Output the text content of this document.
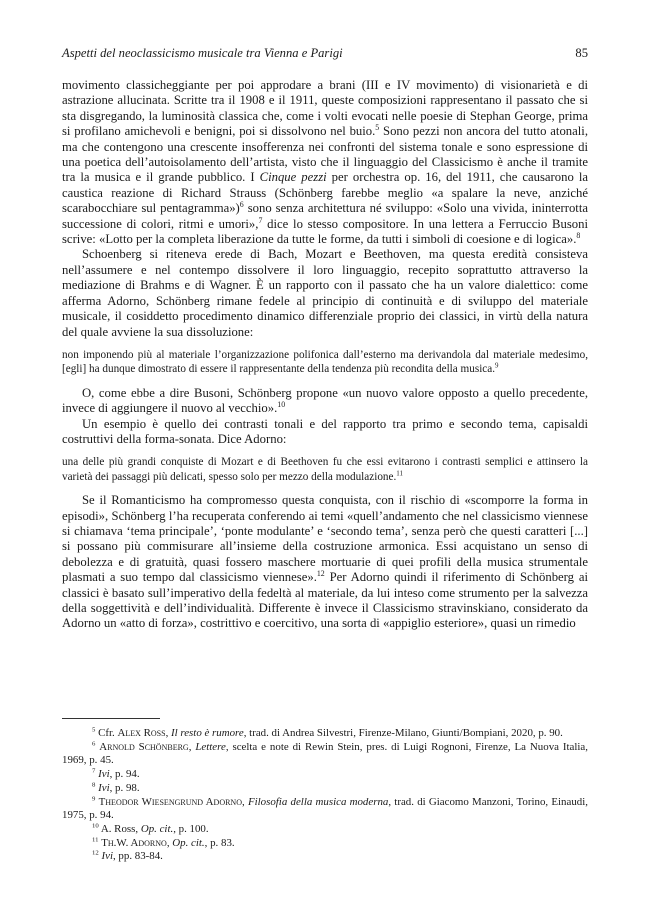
Aspetti del neoclassicismo musicale tra Vienna e Parigi	85

movimento classicheggiante per poi approdare a brani (III e IV movimento) di visionarietà e di astrazione allucinata. Scritte tra il 1908 e il 1911, queste composizioni rappresentano il passato che si sta disgregando, la luminosità classica che, come i volti evocati nelle poesie di Stephan George, prima si profilano amichevoli e benigni, poi si dissolvono nel buio.$^5$ Sono pezzi non ancora del tutto atonali, ma che contengono una crescente insofferenza nei confronti del sistema tonale e sono espressione di una poetica dell’autoisolamento dell’artista, visto che il linguaggio del Classicismo è anche il tramite tra la musica e il grande pubblico. I Cinque pezzi per orchestra op. 16, del 1911, che causarono la caustica reazione di Richard Strauss (Schönberg farebbe meglio «a spalare la neve, anziché scarabocchiare sul pentagramma»)$^6$ sono senza architettura né sviluppo: «Solo una vivida, ininterrotta successione di colori, ritmi e umori»,$^7$ dice lo stesso compositore. In una lettera a Ferruccio Busoni scrive: «Lotto per la completa liberazione da tutte le forme, da tutti i simboli di coesione e di logica».$^8$

Schoenberg si riteneva erede di Bach, Mozart e Beethoven, ma questa eredità consisteva nell’assumere e nel contempo dissolvere il loro linguaggio, recepito soprattutto attraverso la mediazione di Brahms e di Wagner. È un rapporto con il passato che ha un valore dialettico: come afferma Adorno, Schönberg rimane fedele al principio di continuità e di sviluppo del materiale musicale, il cosiddetto procedimento dinamico differenziale proprio dei classici, in virtù della natura del quale avviene la sua dissoluzione:

non imponendo più al materiale l’organizzazione polifonica dall’esterno ma derivandola dal materiale medesimo, [egli] ha dunque dimostrato di essere il rappresentante della tendenza più recondita della musica.$^9$

O, come ebbe a dire Busoni, Schönberg propone «un nuovo valore opposto a quello precedente, invece di aggiungere il nuovo al vecchio».$^{10}$

Un esempio è quello dei contrasti tonali e del rapporto tra primo e secondo tema, capisaldi costruttivi della forma-sonata. Dice Adorno:

una delle più grandi conquiste di Mozart e di Beethoven fu che essi evitarono i contrasti semplici e attinsero la varietà dei passaggi più delicati, spesso solo per mezzo della modulazione.$^{11}$

Se il Romanticismo ha compromesso questa conquista, con il rischio di «scomporre la forma in episodi», Schönberg l’ha recuperata conferendo ai temi «quell’andamento che nel classicismo viennese si chiamava ‘tema principale’, ‘ponte modulante’ e ‘secondo tema’, senza però che questi caratteri [...] si possano più commisurare all’insieme della costruzione armonica. Essi acquistano un senso di debolezza e di gratuità, quasi fossero maschere mortuarie di quei profili della musica strumentale plasmati a suo tempo dal classicismo viennese».$^{12}$ Per Adorno quindi il riferimento di Schönberg ai classici è basato sull’imperativo della fedeltà al materiale, da lui inteso come strumento per la salvezza della soggettività e dell’individualità. Differente è invece il Classicismo stravinskiano, considerato da Adorno un «atto di forza», costrittivo e coercitivo, una sorta di «appiglio esteriore», quasi un rimedio

$^5$ Cfr. Alex Ross, Il resto è rumore, trad. di Andrea Silvestri, Firenze-Milano, Giunti/Bompiani, 2020, p. 90.

$^6$ Arnold Schönberg, Lettere, scelta e note di Rewin Stein, pres. di Luigi Rognoni, Firenze, La Nuova Italia, 1969, p. 45.

$^7$ Ivi, p. 94.

$^8$ Ivi, p. 98.

$^9$ Theodor Wiesengrund Adorno, Filosofia della musica moderna, trad. di Giacomo Manzoni, Torino, Einaudi, 1975, p. 94.

$^{10}$ A. Ross, Op. cit., p. 100.

$^{11}$ Th.W. Adorno, Op. cit., p. 83.

$^{12}$ Ivi, pp. 83-84.
